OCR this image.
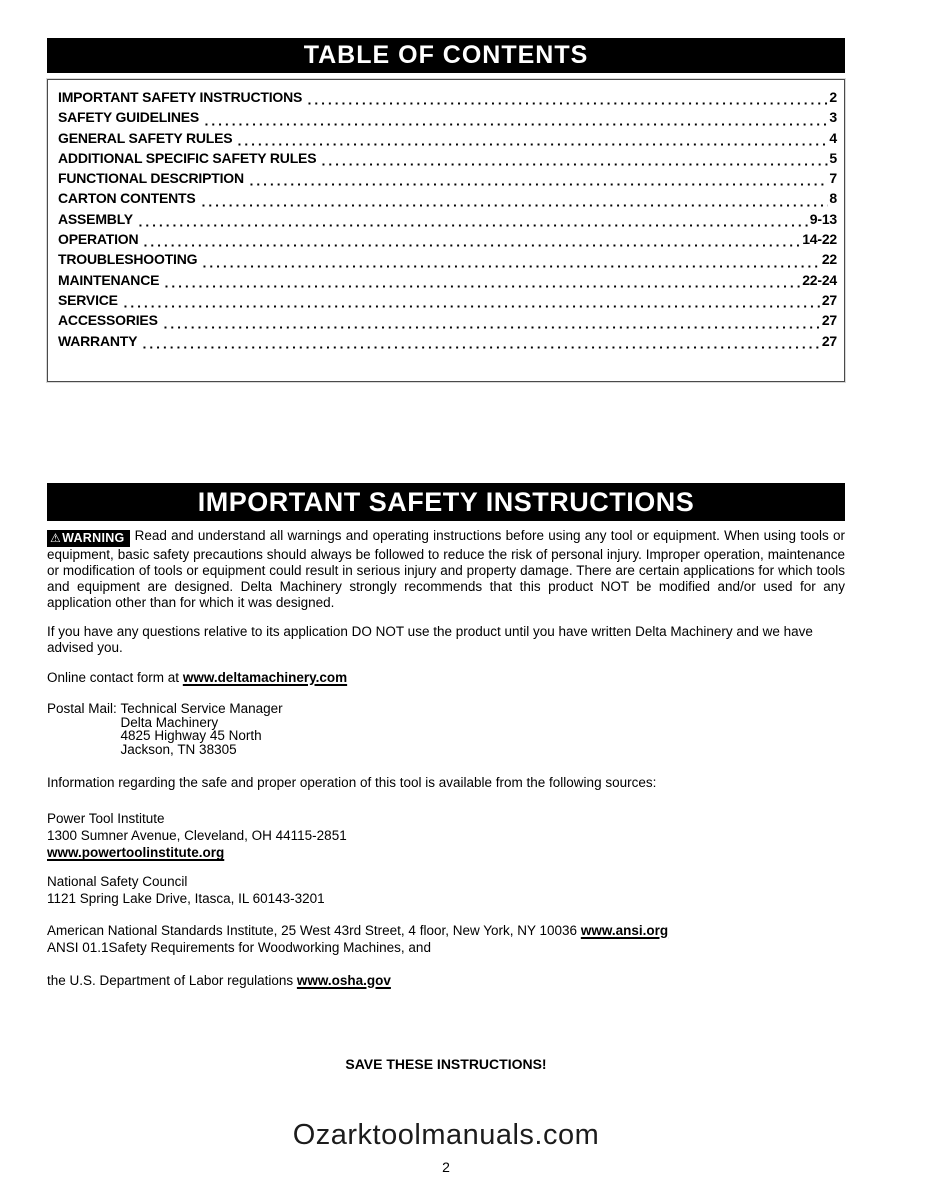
TABLE OF CONTENTS
IMPORTANT SAFETY INSTRUCTIONS	2
SAFETY GUIDELINES	3
GENERAL SAFETY RULES	4
ADDITIONAL SPECIFIC SAFETY RULES	5
FUNCTIONAL DESCRIPTION	7
CARTON CONTENTS	8
ASSEMBLY	9-13
OPERATION	14-22
TROUBLESHOOTING	22
MAINTENANCE	22-24
SERVICE	27
ACCESSORIES	27
WARRANTY	27
IMPORTANT SAFETY INSTRUCTIONS

⚠WARNING Read and understand all warnings and operating instructions before using any tool or equipment. When using tools or equipment, basic safety precautions should always be followed to reduce the risk of personal injury. Improper operation, maintenance or modification of tools or equipment could result in serious injury and property damage. There are certain applications for which tools and equipment are designed. Delta Machinery strongly recommends that this product NOT be modified and/or used for any application other than for which it was designed.

If you have any questions relative to its application DO NOT use the product until you have written Delta Machinery and we have advised you.

Online contact form at www.deltamachinery.com

Postal Mail: Technical Service Manager
Delta Machinery
4825 Highway 45 North
Jackson, TN 38305

Information regarding the safe and proper operation of this tool is available from the following sources:

Power Tool Institute
1300 Sumner Avenue, Cleveland, OH 44115-2851
www.powertoolinstitute.org
National Safety Council
1121 Spring Lake Drive, Itasca, IL 60143-3201
American National Standards Institute, 25 West 43rd Street, 4 floor, New York, NY 10036 www.ansi.org
ANSI 01.1Safety Requirements for Woodworking Machines, and
the U.S. Department of Labor regulations www.osha.gov

SAVE THESE INSTRUCTIONS!

Ozarktoolmanuals.com
2
